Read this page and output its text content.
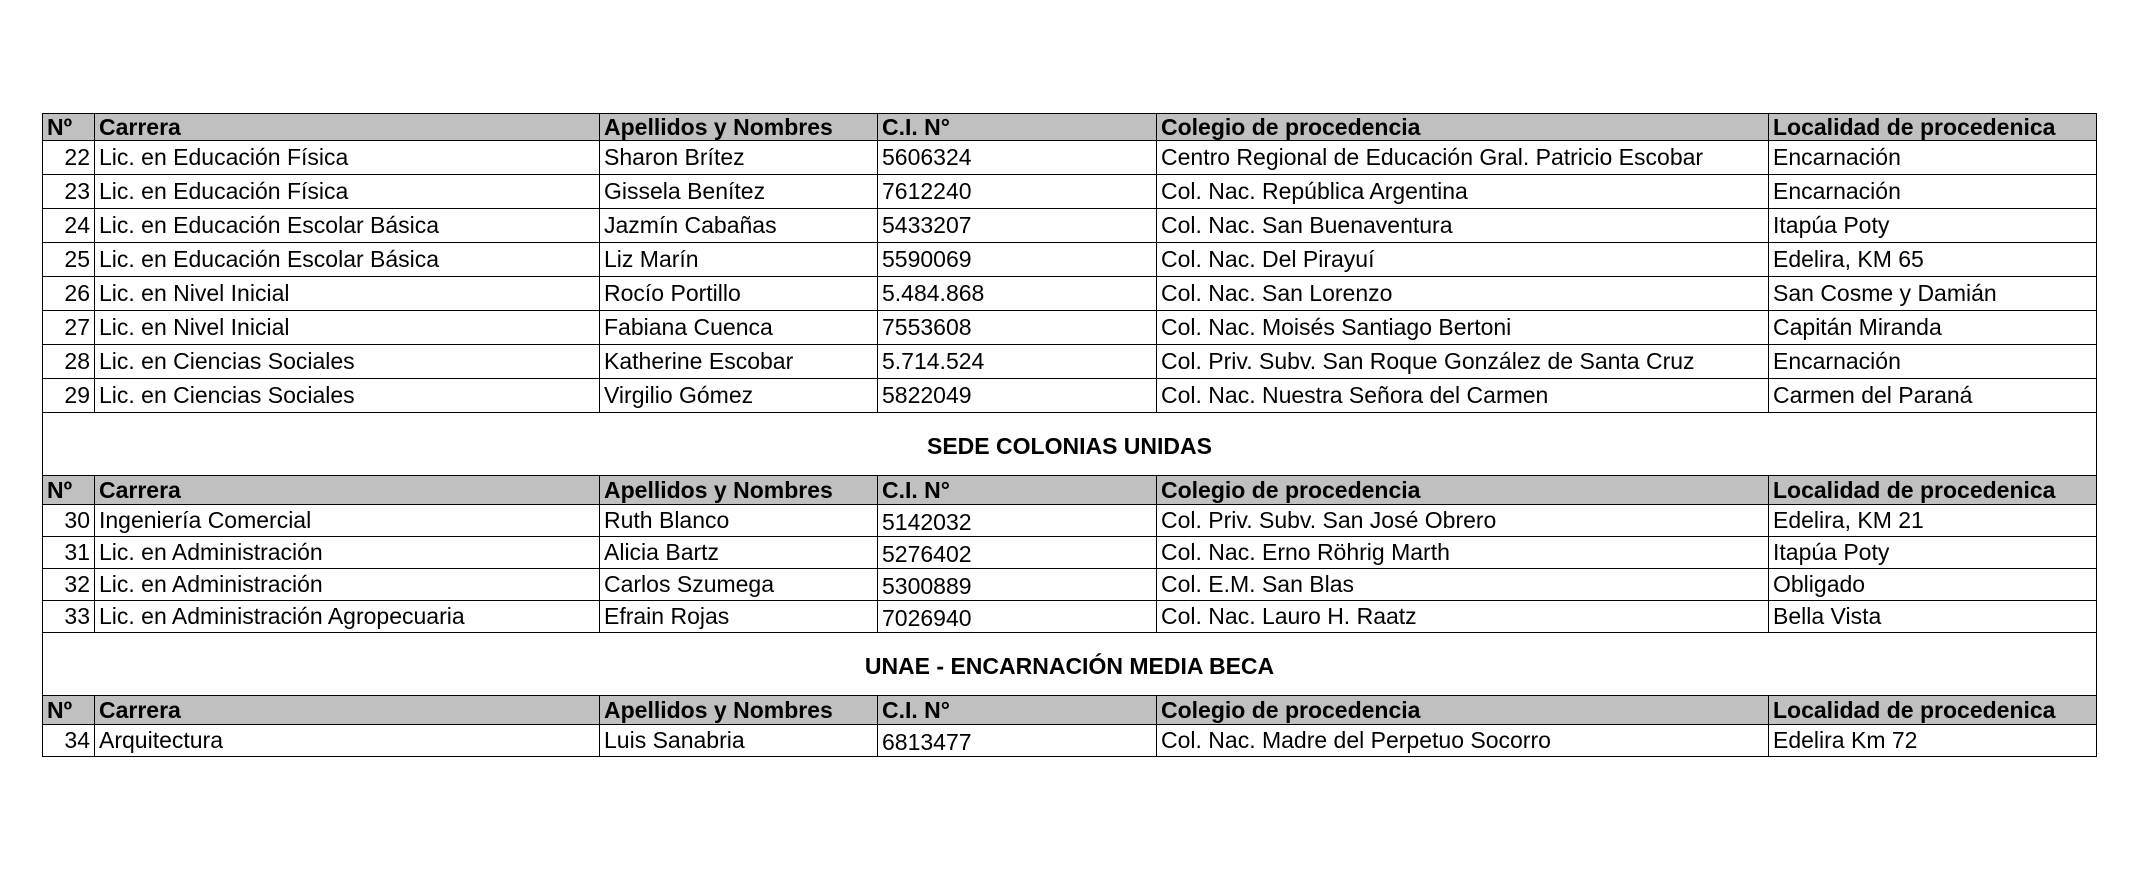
Nº	Carrera	Apellidos y Nombres	C.I. N°	Colegio de procedencia	Localidad de procedenica
22	Lic. en Educación Física	Sharon Brítez	5606324	Centro Regional de Educación Gral. Patricio Escobar	Encarnación
23	Lic. en Educación Física	Gissela Benítez	7612240	Col. Nac. República Argentina	Encarnación
24	Lic. en Educación Escolar Básica	Jazmín Cabañas	5433207	Col. Nac. San Buenaventura	Itapúa Poty
25	Lic. en Educación Escolar Básica	Liz Marín	5590069	Col. Nac. Del Pirayuí	Edelira, KM 65
26	Lic. en Nivel Inicial	Rocío Portillo	5.484.868	Col. Nac. San Lorenzo	San Cosme y Damián
27	Lic. en Nivel Inicial	Fabiana Cuenca	7553608	Col. Nac. Moisés Santiago Bertoni	Capitán Miranda
28	Lic. en Ciencias Sociales	Katherine Escobar	5.714.524	Col. Priv. Subv. San Roque González de Santa Cruz	Encarnación
29	Lic. en Ciencias Sociales	Virgilio Gómez	5822049	Col. Nac. Nuestra Señora del Carmen	Carmen del Paraná
SEDE COLONIAS UNIDAS					
Nº	Carrera	Apellidos y Nombres	C.I. N°	Colegio de procedencia	Localidad de procedenica
30	Ingeniería Comercial	Ruth Blanco	5142032	Col. Priv. Subv. San José Obrero	Edelira, KM 21
31	Lic. en Administración	Alicia Bartz	5276402	Col. Nac. Erno Röhrig Marth	Itapúa Poty
32	Lic. en Administración	Carlos Szumega	5300889	Col. E.M. San Blas	Obligado
33	Lic. en Administración Agropecuaria	Efrain Rojas	7026940	Col. Nac. Lauro H. Raatz	Bella Vista
UNAE - ENCARNACIÓN MEDIA BECA					
Nº	Carrera	Apellidos y Nombres	C.I. N°	Colegio de procedencia	Localidad de procedenica
34	Arquitectura	Luis Sanabria	6813477	Col. Nac. Madre del Perpetuo Socorro	Edelira Km 72
